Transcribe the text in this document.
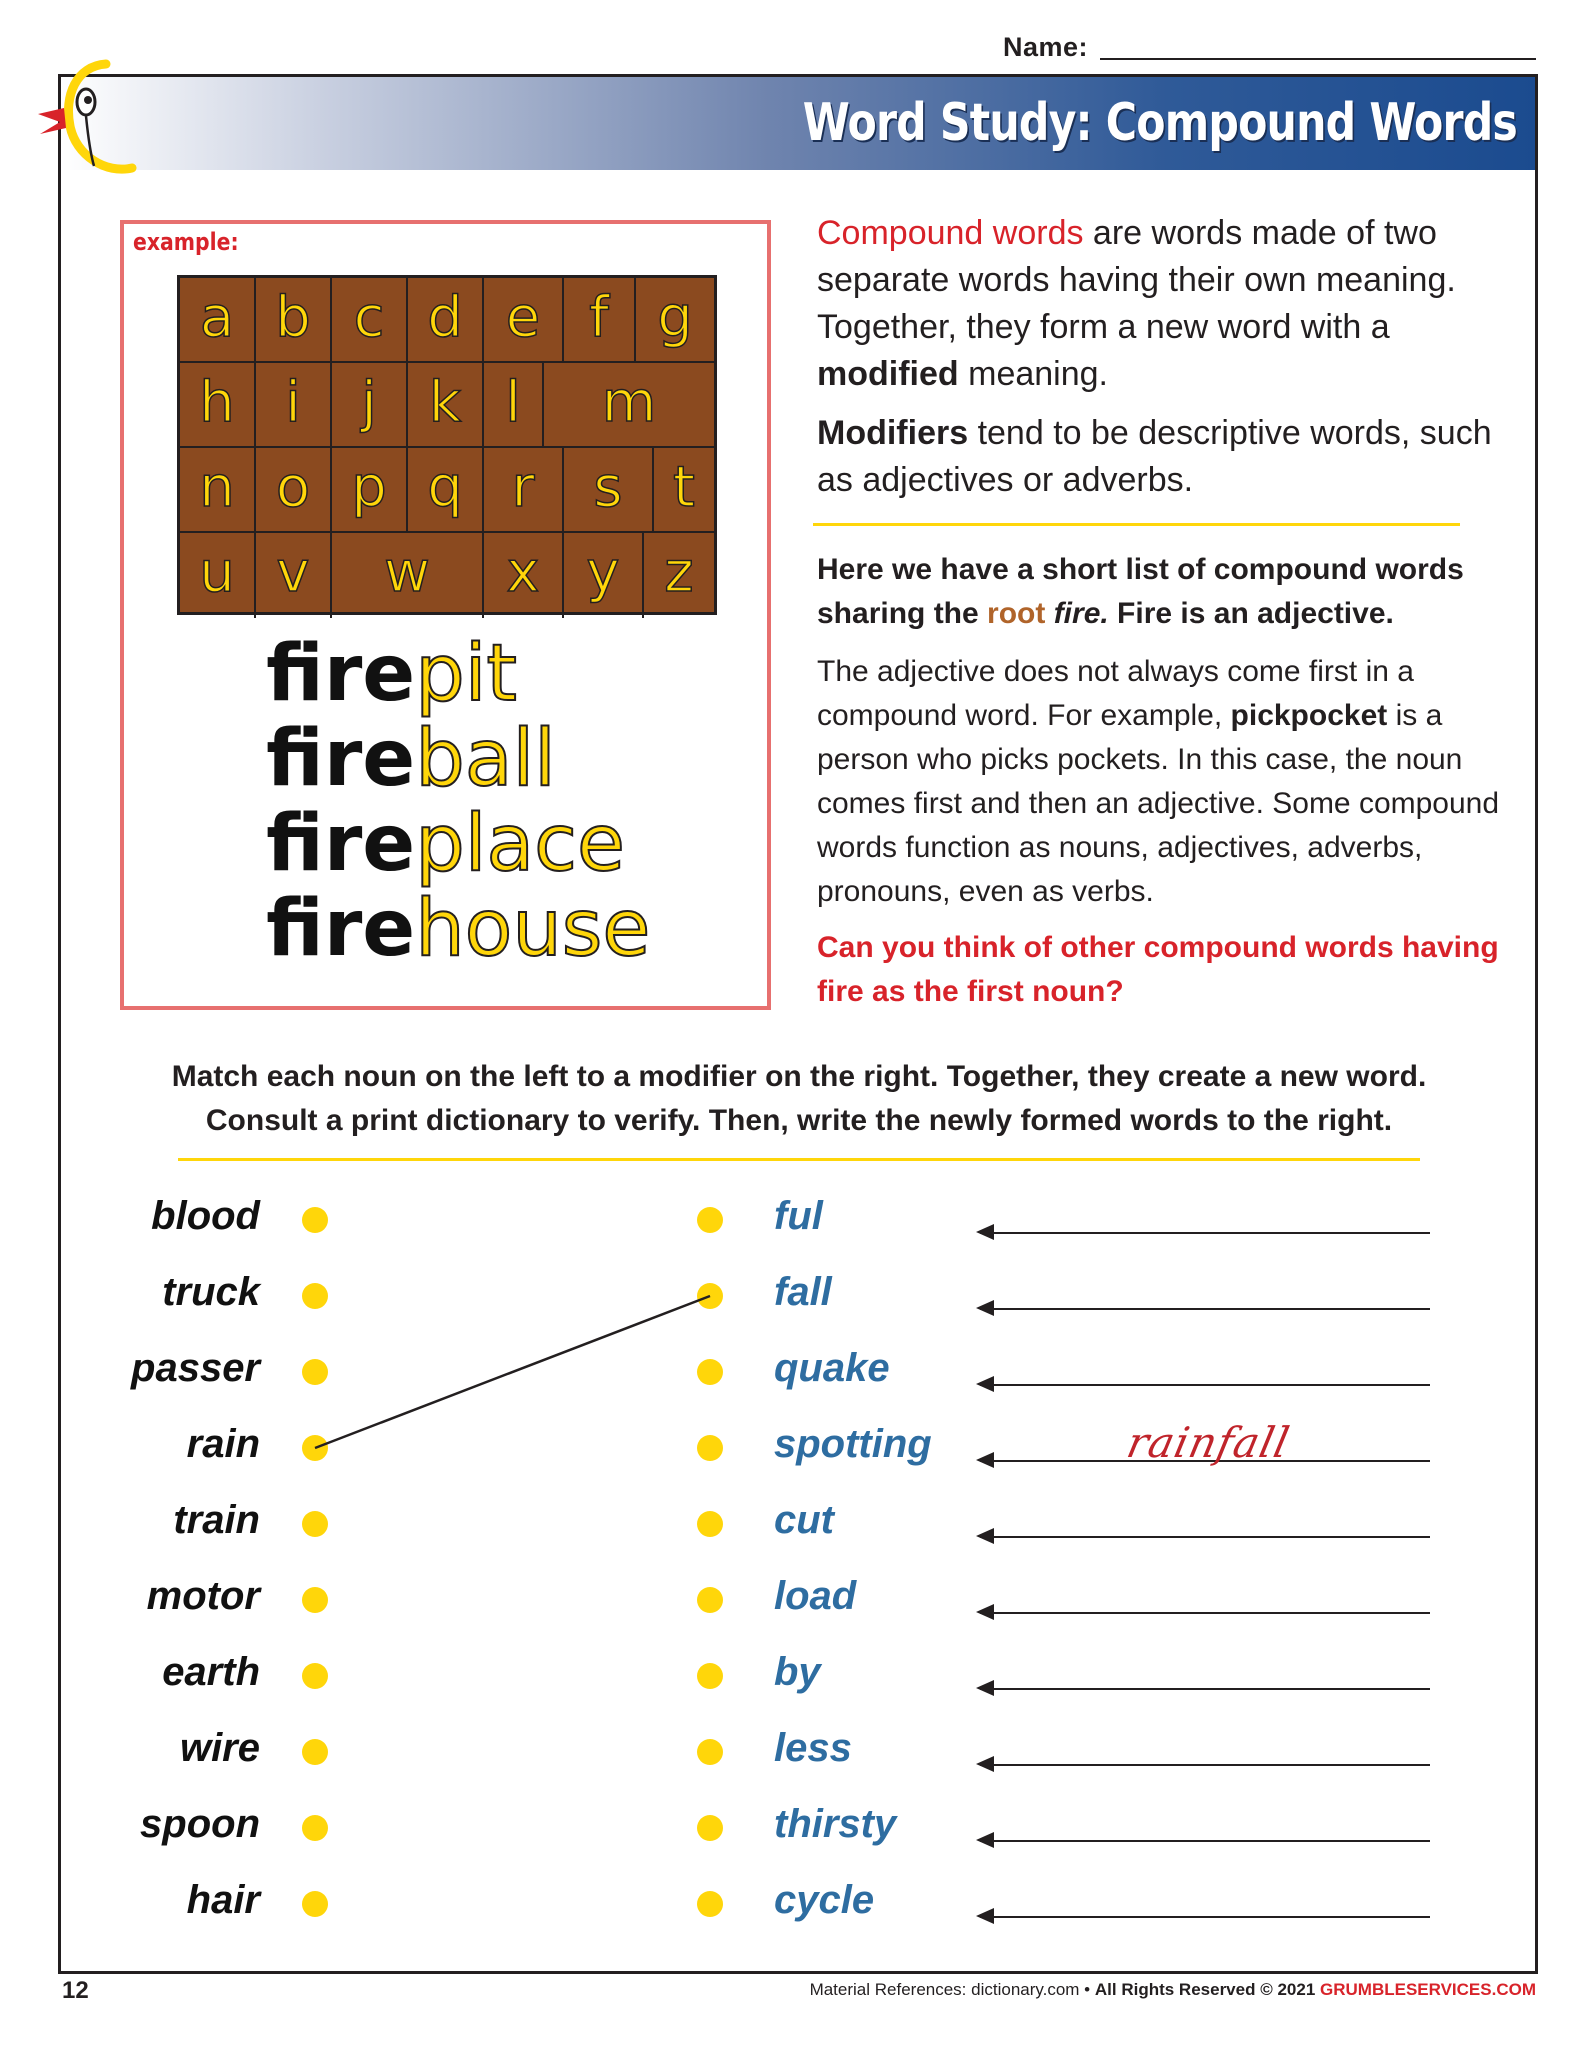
Name:
Word Study: Compound Words
example:
a b c d e f g
h i	j k l	m
n o p q r	s t
u v	w	x y z
firepit
fireball
fireplace
firehouse
Compound words are words made of two separate words having their own meaning. Together, they form a new word with a modified meaning.
Modifiers tend to be descriptive words, such as adjectives or adverbs.
Here we have a short list of compound words sharing the root fire. Fire is an adjective.
The adjective does not always come first in a compound word. For example, pickpocket is a person who picks pockets. In this case, the noun comes first and then an adjective. Some compound words function as nouns, adjectives, adverbs, pronouns, even as verbs.
Can you think of other compound words having fire as the first noun?
Match each noun on the left to a modifier on the right. Together, they create a new word.
Consult a print dictionary to verify. Then, write the newly formed words to the right.
blood	ful
truck	fall
passer	quake
rain	spotting
train	cut
motor	load
earth	by
wire	less
spoon	thirsty
hair	cycle
rainfall
12	Material References: dictionary.com • All Rights Reserved © 2021 GRUMBLESERVICES.COM
